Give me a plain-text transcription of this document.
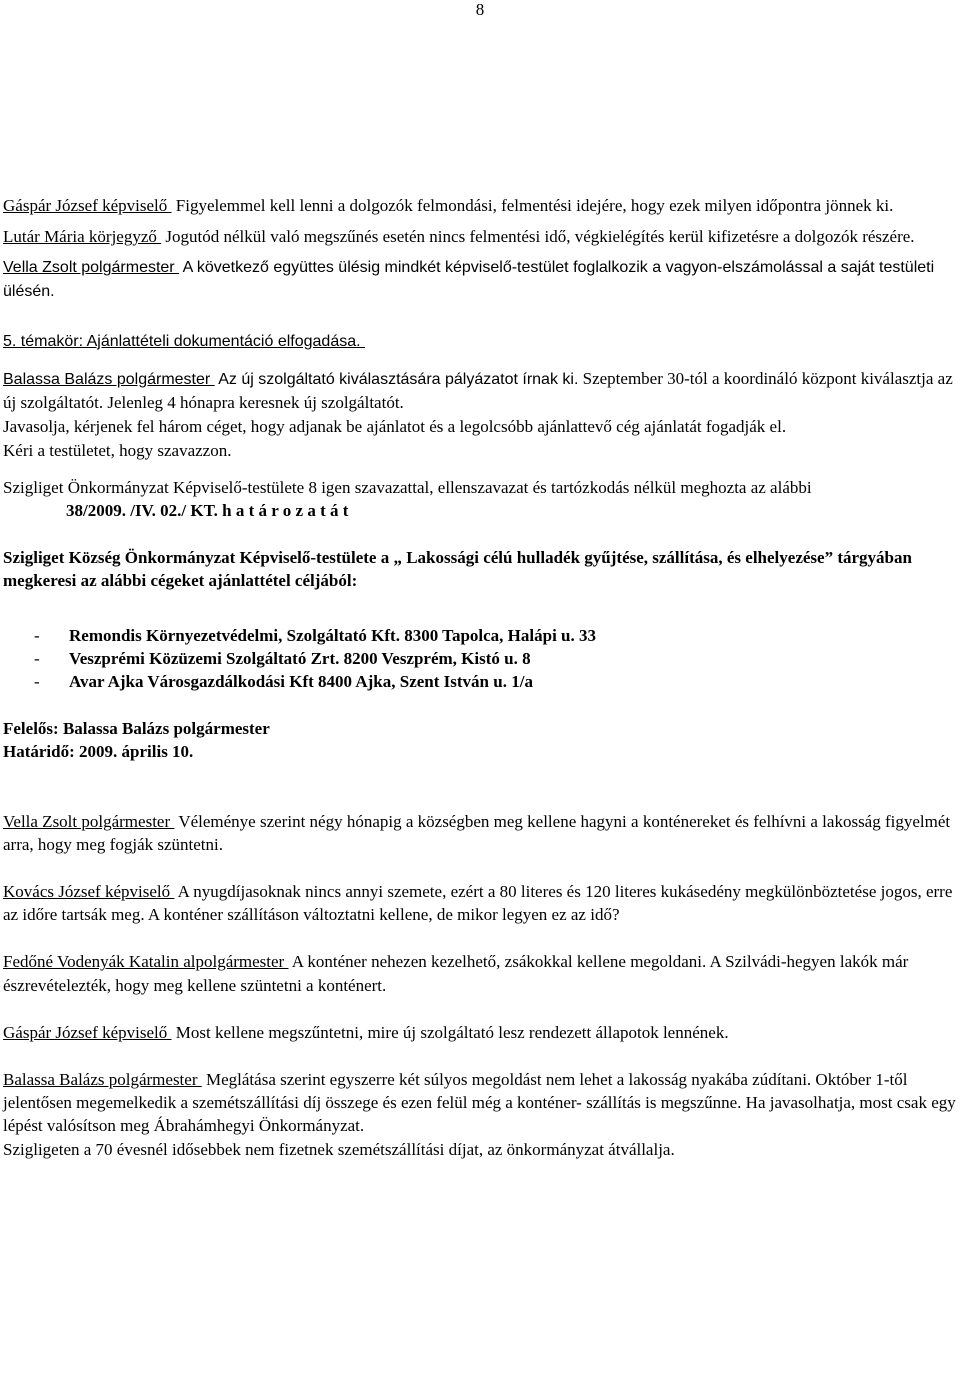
8

Gáspár József képviselő  Figyelemmel kell lenni a dolgozók felmondási, felmentési idejére, hogy ezek milyen időpontra jönnek ki.

Lutár Mária körjegyző  Jogutód nélkül való megszűnés esetén nincs felmentési idő, végkielégítés kerül kifizetésre a dolgozók részére.

Vella Zsolt polgármester  A következő együttes ülésig mindkét képviselő-testület foglalkozik a vagyon-elszámolással a saját testületi ülésén.

5. témakör: Ajánlattételi dokumentáció elfogadása.

Balassa Balázs polgármester  Az új szolgáltató kiválasztására pályázatot írnak ki. Szeptember 30-tól a koordináló központ kiválasztja az új szolgáltatót. Jelenleg 4 hónapra keresnek új szolgáltatót.

Javasolja, kérjenek fel három céget, hogy adjanak be ajánlatot és a legolcsóbb ajánlattevő cég ajánlatát fogadják el.

Kéri a testületet, hogy szavazzon.

Szigliget Önkormányzat Képviselő-testülete 8 igen szavazattal, ellenszavazat és tartózkodás nélkül meghozta az alábbi

38/2009. /IV. 02./ KT. h a t á r o z a t á t

Szigliget Község Önkormányzat Képviselő-testülete a „ Lakossági célú hulladék gyűjtése, szállítása, és elhelyezése” tárgyában megkeresi az alábbi cégeket ajánlattétel céljából:

- Remondis Környezetvédelmi, Szolgáltató Kft. 8300 Tapolca, Halápi u. 33
- Veszprémi Közüzemi Szolgáltató Zrt. 8200 Veszprém, Kistó u. 8
- Avar Ajka Városgazdálkodási Kft 8400 Ajka, Szent István u. 1/a

Felelős: Balassa Balázs polgármester

Határidő: 2009. április 10.

Vella Zsolt polgármester  Véleménye szerint négy hónapig a községben meg kellene hagyni a konténereket és felhívni a lakosság figyelmét arra, hogy meg fogják szüntetni.

Kovács József képviselő  A nyugdíjasoknak nincs annyi szemete, ezért a 80 literes és 120 literes kukásedény megkülönböztetése jogos, erre az időre tartsák meg. A konténer szállításon változtatni kellene, de mikor legyen ez az idő?

Fedőné Vodenyák Katalin alpolgármester  A konténer nehezen kezelhető, zsákokkal kellene megoldani. A Szilvádi-hegyen lakók már észrevételezték, hogy meg kellene szüntetni a konténert.

Gáspár József képviselő  Most kellene megszűntetni, mire új szolgáltató lesz rendezett állapotok lennének.

Balassa Balázs polgármester  Meglátása szerint egyszerre két súlyos megoldást nem lehet a lakosság nyakába zúdítani. Október 1-től jelentősen megemelkedik a szemétszállítási díj összege és ezen felül még a konténer- szállítás is megszűnne. Ha javasolhatja, most csak egy lépést valósítson meg Ábrahámhegyi Önkormányzat.

Szigligeten a 70 évesnél idősebbek nem fizetnek szemétszállítási díjat, az önkormányzat átvállalja.
